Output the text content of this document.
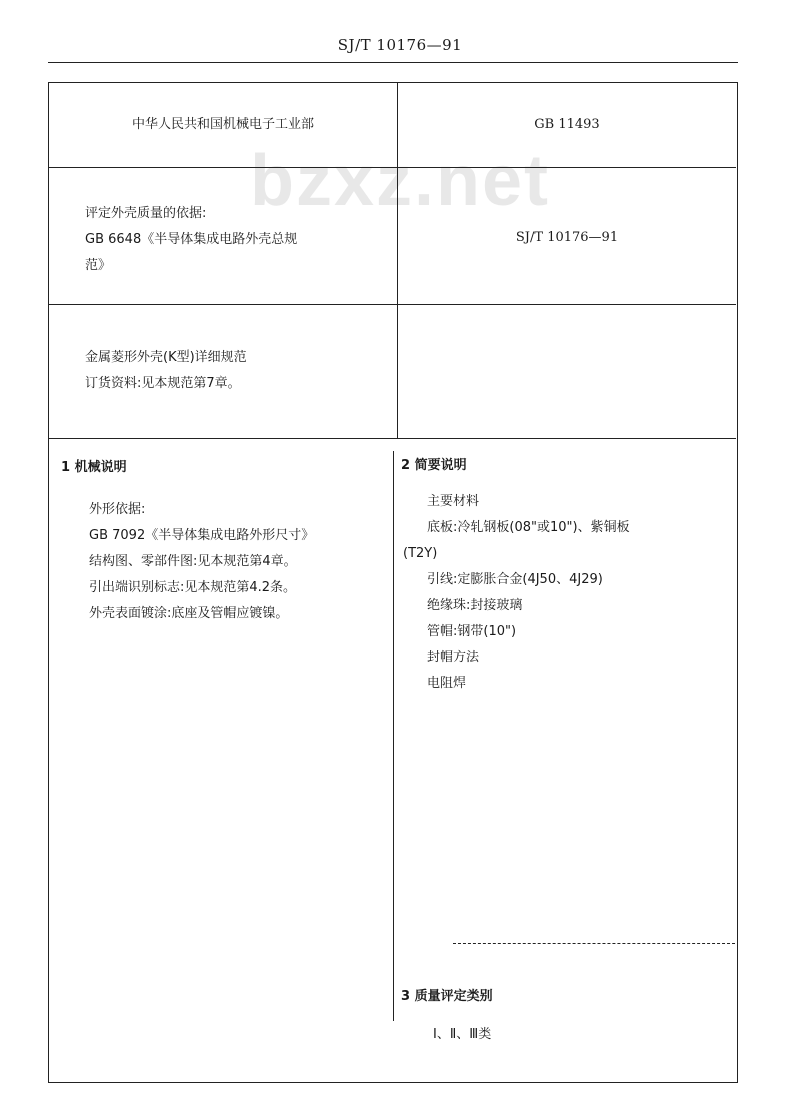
SJ/T 10176—91
bzxz.net
中华人民共和国机械电子工业部	GB 11493
评定外壳质量的依据:
GB 6648《半导体集成电路外壳总规
范》
SJ/T 10176—91
金属菱形外壳(K型)详细规范
订货资料:见本规范第7章。
1 机械说明
外形依据:
GB 7092《半导体集成电路外形尺寸》
结构图、零部件图:见本规范第4章。
引出端识别标志:见本规范第4.2条。
外壳表面镀涂:底座及管帽应镀镍。
2 简要说明
主要材料
底板:冷轧钢板(08"或10")、紫铜板
(T2Y)
引线:定膨胀合金(4J50、4J29)
绝缘珠:封接玻璃
管帽:钢带(10")
封帽方法
电阻焊
3 质量评定类别
Ⅰ、Ⅱ、Ⅲ类
